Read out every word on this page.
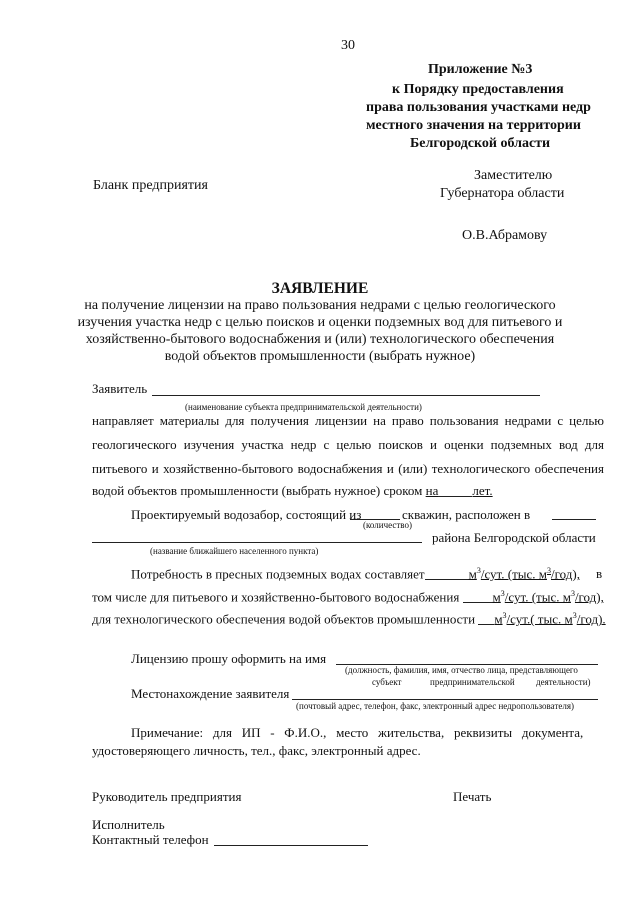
30
Приложение №3
к Порядку предоставления
права пользования участками недр
местного значения на территории
Белгородской области
Бланк предприятия
Заместителю
Губернатора области
О.В.Абрамову
ЗАЯВЛЕНИЕ
на получение лицензии на право пользования недрами с целью геологического
изучения участка недр с целью поисков и оценки подземных вод для питьевого и
хозяйственно-бытового водоснабжения и (или) технологического обеспечения
водой объектов промышленности (выбрать нужное)
Заявитель
(наименование субъекта предпринимательской деятельности)
направляет материалы для получения лицензии на право пользования недрами с целью
геологического изучения участка недр с целью поисков и оценки подземных вод для
питьевого и хозяйственно-бытового водоснабжения и (или) технологического обеспечения
водой объектов промышленности (выбрать нужное) сроком на	лет.
Проектируемый водозабор, состоящий из	скважин, расположен в
(количество)
района Белгородской области
(название ближайшего населенного пункта)
Потребность в пресных подземных водах составляет	$м^3$/сут. (тыс. $м^3/год$), в
том числе для питьевого и хозяйственно-бытового водоснабжения	$м^3$/сут. (тыс. $м^3/год$),
для технологического обеспечения водой объектов промышленности $м^3/сут$.( тыс. $м^3/год$).
Лицензию прошу оформить на имя
(должность, фамилия, имя, отчество лица, представляющего
субъект	предпринимательской деятельности)
Местонахождение заявителя
(почтовый адрес, телефон, факс, электронный адрес недропользователя)
Примечание:   для   ИП   -   Ф.И.О.,   место   жительства,   реквизиты   документа,
удостоверяющего личность, тел., факс, электронный адрес.
Руководитель предприятия	Печать
Исполнитель
Контактный телефон
